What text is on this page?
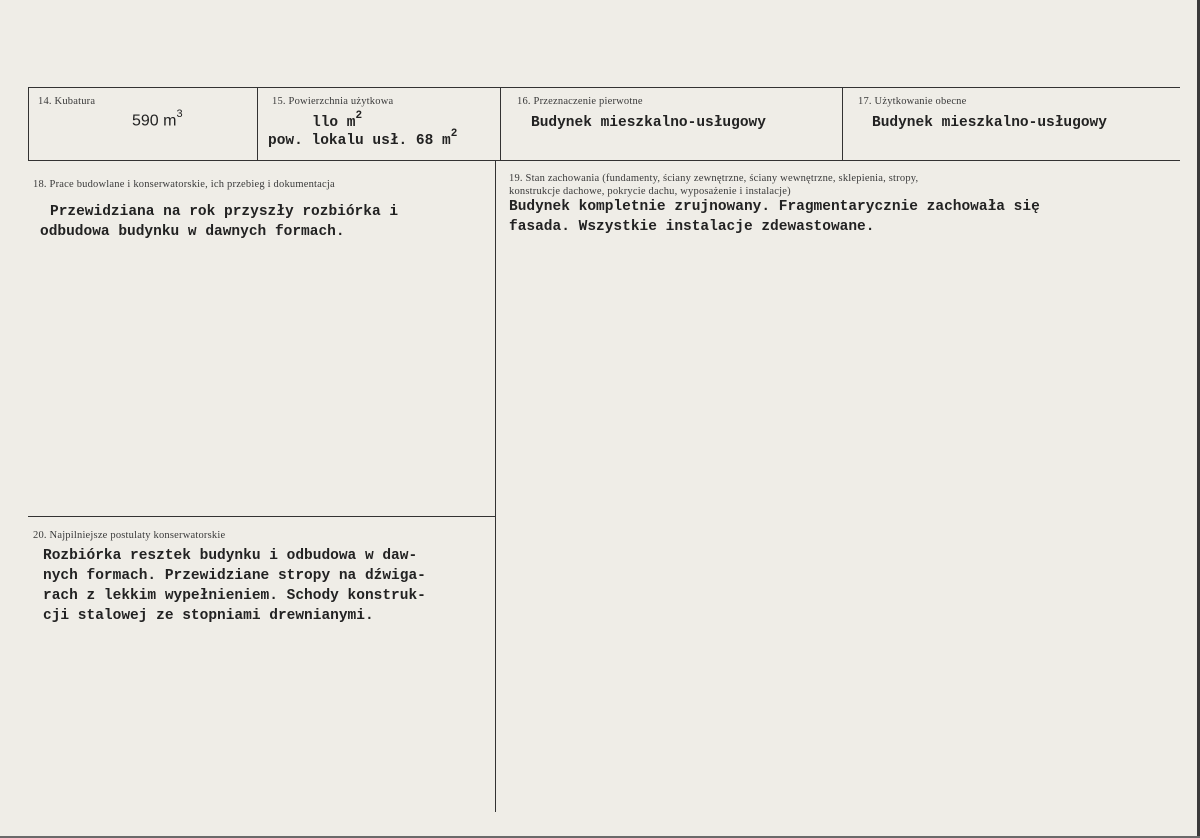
14. Kubatura
590 $m^3$
15. Powierzchnia użytkowa
llo $m^2$
pow. lokalu usł. 68 $m^2$
16. Przeznaczenie pierwotne
Budynek mieszkalno-usługowy
17. Użytkowanie obecne
Budynek mieszkalno-usługowy
18. Prace budowlane i konserwatorskie, ich przebieg i dokumentacja
Przewidziana na rok przyszły rozbiórka i
odbudowa budynku w dawnych formach.
19. Stan zachowania (fundamenty, ściany zewnętrzne, ściany wewnętrzne, sklepienia, stropy,
konstrukcje dachowe, pokrycie dachu, wyposażenie i instalacje)
Budynek kompletnie zrujnowany. Fragmentarycznie zachowała się
fasada. Wszystkie instalacje zdewastowane.
20. Najpilniejsze postulaty konserwatorskie
Rozbiórka resztek budynku i odbudowa w daw-
nych formach. Przewidziane stropy na dźwiga-
rach z lekkim wypełnieniem. Schody konstruk-
cji stalowej ze stopniami drewnianymi.
